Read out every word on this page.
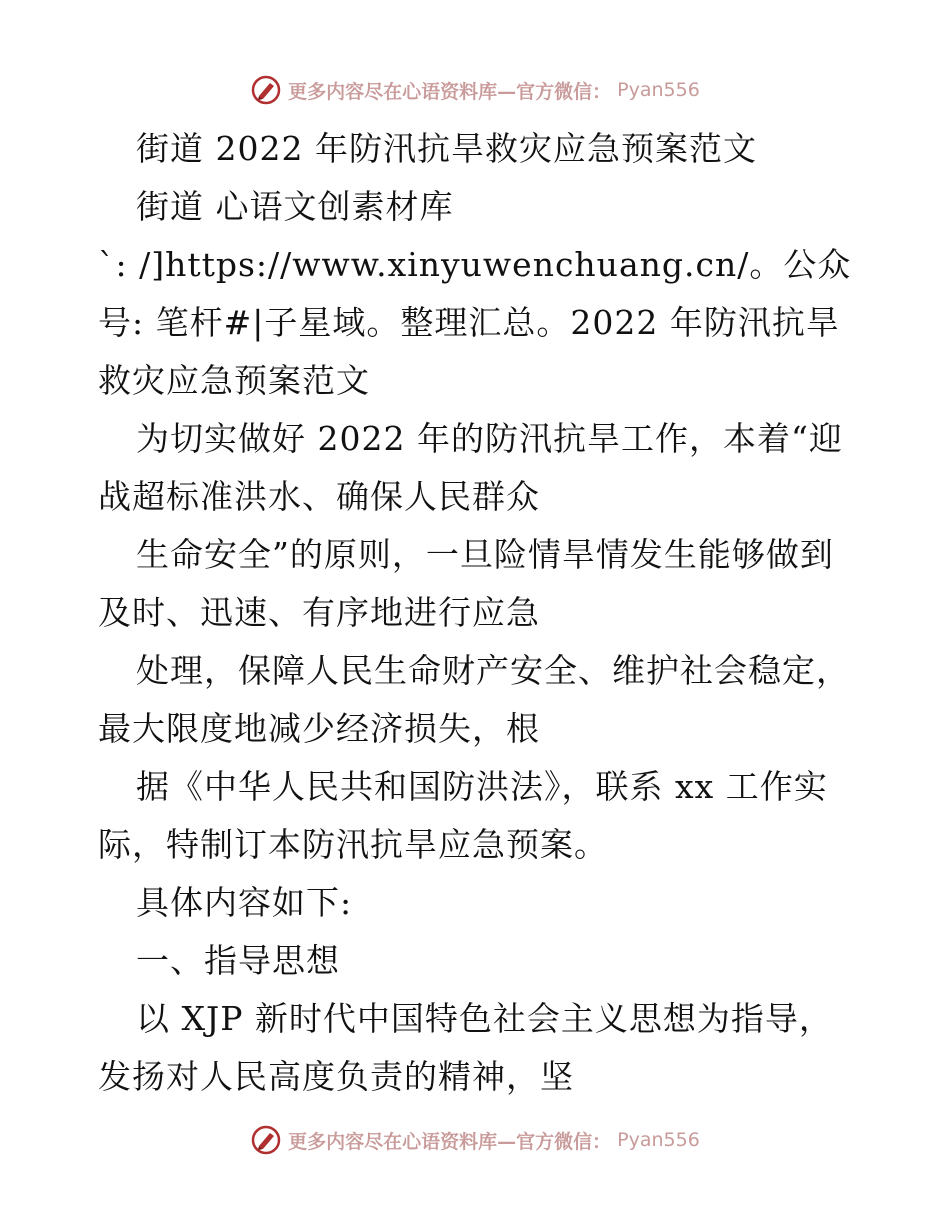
更多内容尽在心语资料库—官方微信： Pyan556
街道 2022 年防汛抗旱救灾应急预案范文
街道 心语文创素材库
`: /]https://www.xinyuwenchuang.cn/。公众
号: 笔杆#|子星域。整理汇总。2022 年防汛抗旱
救灾应急预案范文
为切实做好 2022 年的防汛抗旱工作，本着“迎
战超标准洪水、确保人民群众
生命安全”的原则，一旦险情旱情发生能够做到
及时、迅速、有序地进行应急
处理，保障人民生命财产安全、维护社会稳定，
最大限度地减少经济损失，根
据《中华人民共和国防洪法》，联系 xx 工作实
际，特制订本防汛抗旱应急预案。
具体内容如下:
一、指导思想
以 XJP 新时代中国特色社会主义思想为指导，
发扬对人民高度负责的精神，坚
更多内容尽在心语资料库—官方微信： Pyan556
